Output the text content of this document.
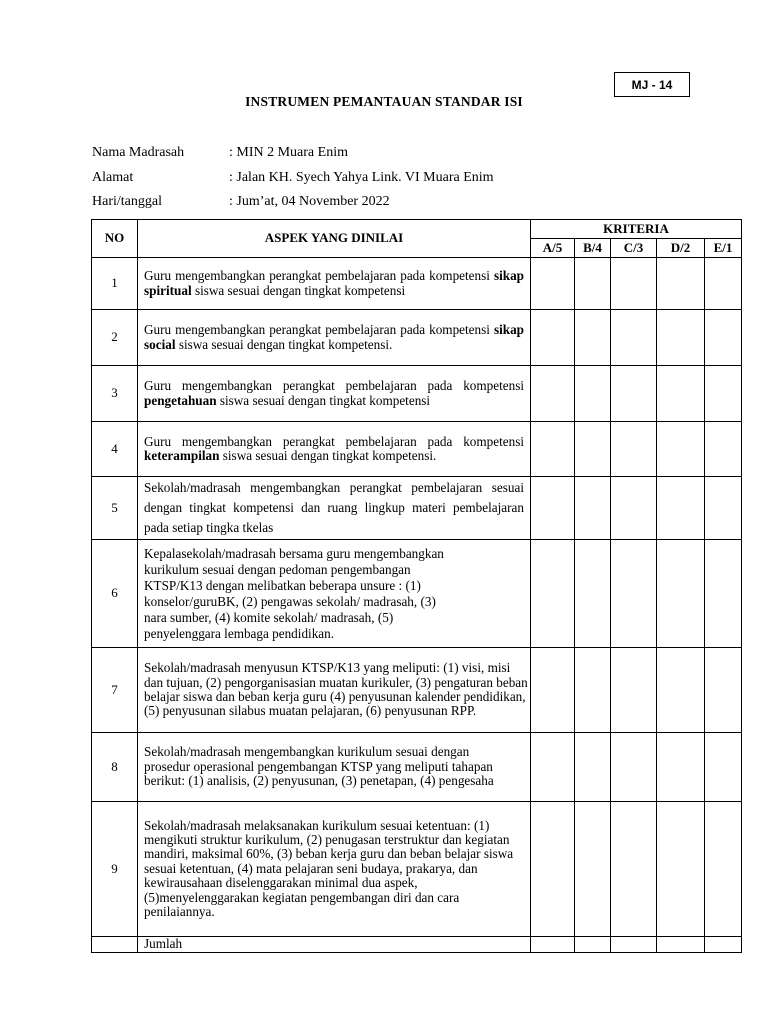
MJ - 14
INSTRUMEN PEMANTAUAN STANDAR ISI
Nama Madrasah	: MIN 2 Muara Enim
Alamat	: Jalan KH. Syech Yahya Link. VI Muara Enim
Hari/tanggal	: Jum’at, 04 November 2022
NO	ASPEK YANG DINILAI	KRITERIA				
		A/5	B/4	C/3	D/2	E/1
1	Guru mengembangkan perangkat pembelajaran pada kompetensi sikap spiritual siswa sesuai dengan tingkat kompetensi					
2	Guru mengembangkan perangkat pembelajaran pada kompetensi sikap social siswa sesuai dengan tingkat kompetensi.					
3	Guru mengembangkan perangkat pembelajaran pada kompetensi pengetahuan siswa sesuai dengan tingkat kompetensi					
4	Guru mengembangkan perangkat pembelajaran pada kompetensi keterampilan siswa sesuai dengan tingkat kompetensi.					
5	Sekolah/madrasah mengembangkan perangkat pembelajaran sesuai dengan tingkat kompetensi dan ruang lingkup materi pembelajaran pada setiap tingka tkelas					
6	Kepalasekolah/madrasah bersama guru mengembangkan kurikulum sesuai dengan pedoman pengembangan KTSP/K13 dengan melibatkan beberapa unsure : (1) konselor/guruBK, (2) pengawas sekolah/ madrasah, (3) nara sumber, (4) komite sekolah/ madrasah, (5) penyelenggara lembaga pendidikan.					
7	Sekolah/madrasah menyusun KTSP/K13 yang meliputi: (1) visi, misi dan tujuan, (2) pengorganisasian muatan kurikuler, (3) pengaturan beban belajar siswa dan beban kerja guru (4) penyusunan kalender pendidikan,(5) penyusunan silabus muatan pelajaran, (6) penyusunan RPP.					
8	Sekolah/madrasah mengembangkan kurikulum sesuai dengan prosedur operasional pengembangan KTSP yang meliputi tahapan berikut: (1) analisis, (2) penyusunan, (3) penetapan, (4) pengesaha					
9	Sekolah/madrasah melaksanakan kurikulum sesuai ketentuan: (1) mengikuti struktur kurikulum, (2) penugasan terstruktur dan kegiatan mandiri, maksimal 60%, (3) beban kerja guru dan beban belajar siswa sesuai ketentuan, (4) mata pelajaran seni budaya, prakarya, dan kewirausahaan diselenggarakan minimal dua aspek, (5)menyelenggarakan kegiatan pengembangan diri dan cara penilaiannya.					
	Jumlah					
